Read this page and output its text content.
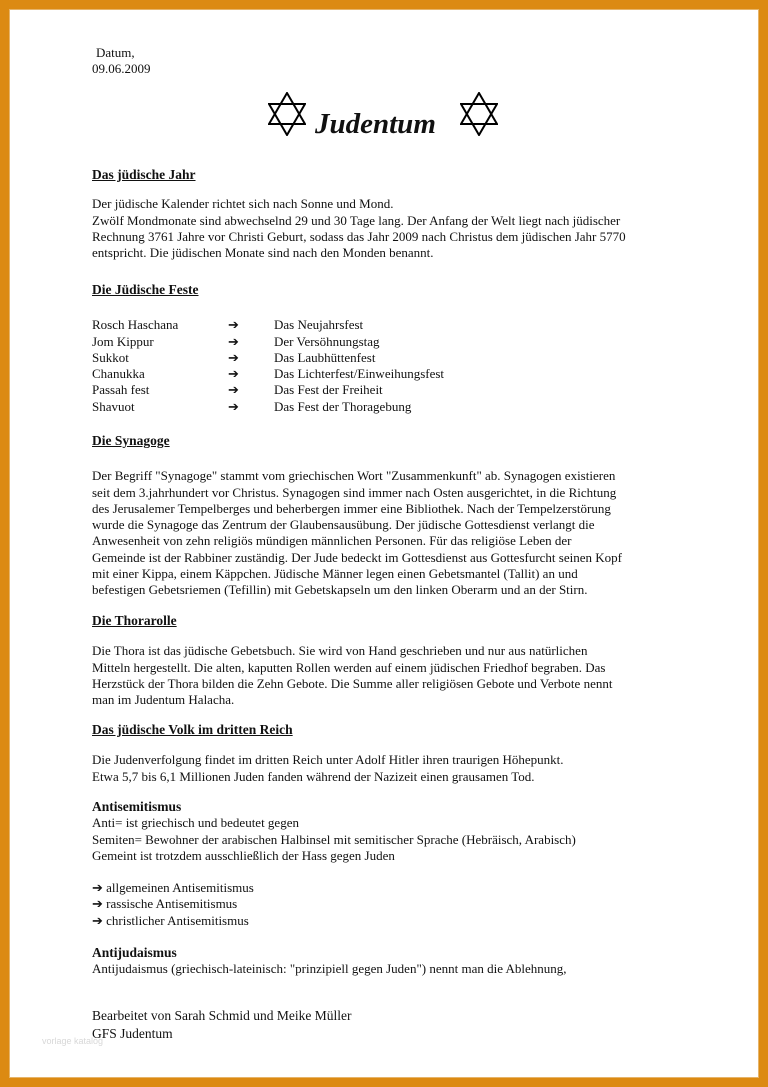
Datum,
09.06.2009
Judentum

Das jüdische Jahr

Der jüdische Kalender richtet sich nach Sonne und Mond.

Zwölf Mondmonate sind abwechselnd 29 und 30 Tage lang. Der Anfang der Welt liegt nach jüdischer

Rechnung 3761 Jahre vor Christi Geburt, sodass das Jahr 2009 nach Christus dem jüdischen Jahr 5770

entspricht. Die jüdischen Monate sind nach den Monden benannt.

Die Jüdische Feste

Rosch Haschana	➔	Das Neujahrsfest
Jom Kippur	➔	Der Versöhnungstag
Sukkot	➔	Das Laubhüttenfest
Chanukka	➔	Das Lichterfest/Einweihungsfest
Passah fest	➔	Das Fest der Freiheit
Shavuot	➔	Das Fest der Thoragebung

Die Synagoge

Der Begriff "Synagoge" stammt vom griechischen Wort "Zusammenkunft" ab. Synagogen existieren

seit dem 3.jahrhundert vor Christus. Synagogen sind immer nach Osten ausgerichtet, in die Richtung

des Jerusalemer Tempelberges und beherbergen immer eine Bibliothek. Nach der Tempelzerstörung

wurde die Synagoge das Zentrum der Glaubensausübung. Der jüdische Gottesdienst verlangt die

Anwesenheit von zehn religiös mündigen männlichen Personen. Für das religiöse Leben der

Gemeinde ist der Rabbiner zuständig. Der Jude bedeckt im Gottesdienst aus Gottesfurcht seinen Kopf

mit einer Kippa, einem Käppchen. Jüdische Männer legen einen Gebetsmantel (Tallit) an und

befestigen Gebetsriemen (Tefillin) mit Gebetskapseln um den linken Oberarm und an der Stirn.

Die Thorarolle

Die Thora ist das jüdische Gebetsbuch. Sie wird von Hand geschrieben und nur aus natürlichen

Mitteln hergestellt. Die alten, kaputten Rollen werden auf einem jüdischen Friedhof begraben. Das

Herzstück der Thora bilden die Zehn Gebote. Die Summe aller religiösen Gebote und Verbote nennt

man im Judentum Halacha.

Das jüdische Volk im dritten Reich

Die Judenverfolgung findet im dritten Reich unter Adolf Hitler ihren traurigen Höhepunkt.

Etwa 5,7 bis 6,1 Millionen Juden fanden während der Nazizeit einen grausamen Tod.

Antisemitismus

Anti= ist griechisch und bedeutet gegen

Semiten= Bewohner der arabischen Halbinsel mit semitischer Sprache (Hebräisch, Arabisch)

Gemeint ist trotzdem ausschließlich der Hass gegen Juden

➔ allgemeinen Antisemitismus

➔ rassische Antisemitismus

➔ christlicher Antisemitismus

Antijudaismus

Antijudaismus (griechisch-lateinisch: "prinzipiell gegen Juden") nennt man die Ablehnung,

Bearbeitet von Sarah Schmid und Meike Müller

GFS Judentum

vorlage katalog
